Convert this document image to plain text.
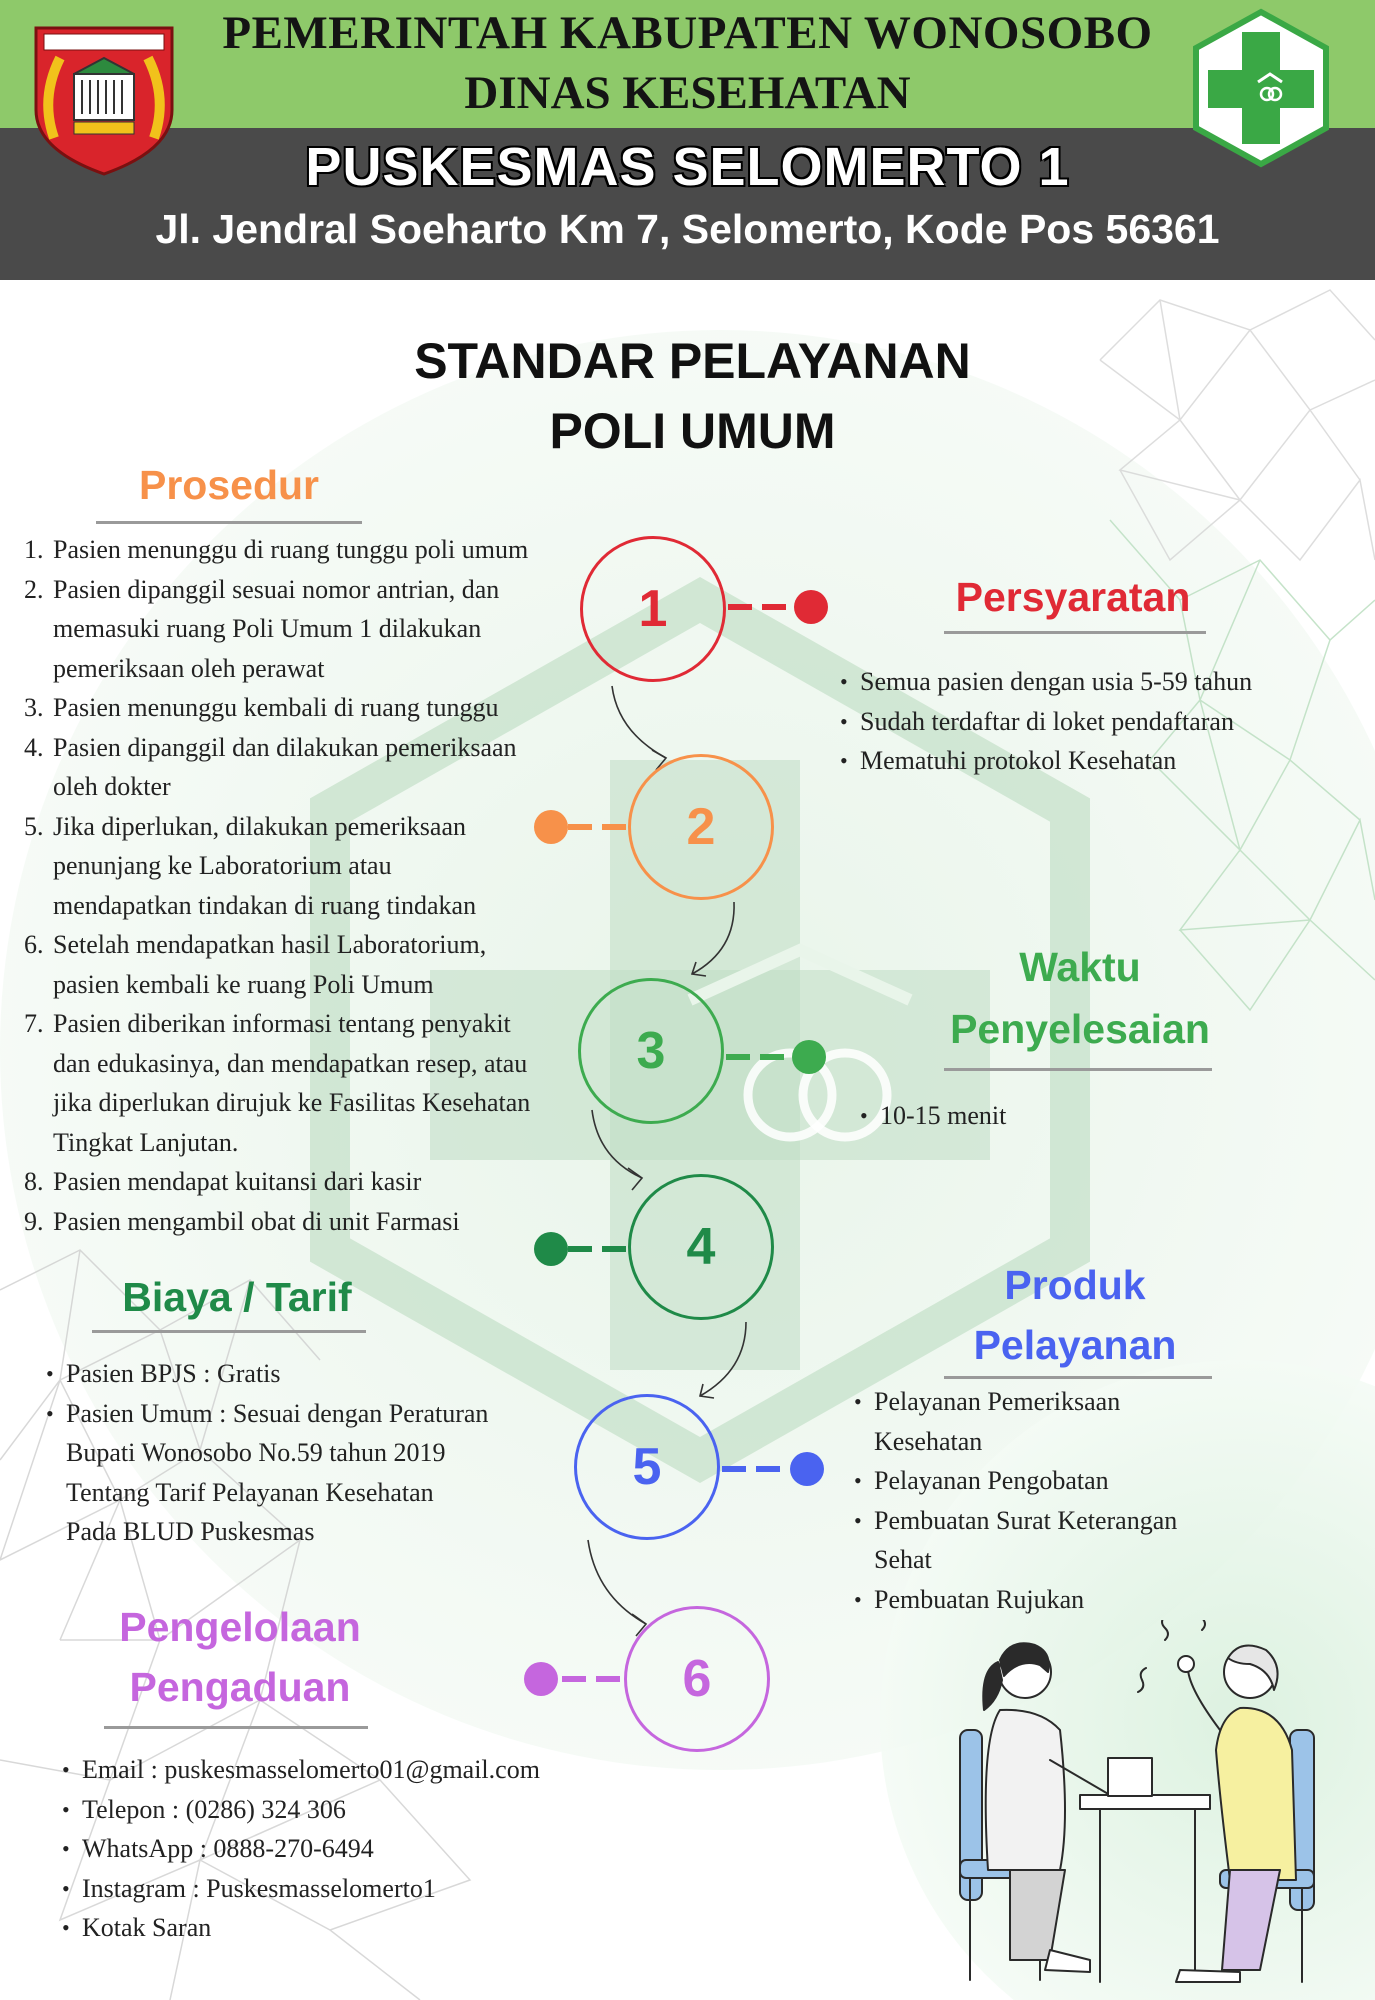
PEMERINTAH KABUPATEN WONOSOBO
DINAS KESEHATAN
PUSKESMAS SELOMERTO 1
Jl. Jendral Soeharto Km 7, Selomerto, Kode Pos 56361
STANDAR PELAYANAN
POLI UMUM
Prosedur
1. Pasien menunggu di ruang tunggu poli umum
2. Pasien dipanggil sesuai nomor antrian, dan
memasuki ruang Poli Umum 1 dilakukan
pemeriksaan oleh perawat
3. Pasien menunggu kembali di ruang tunggu
4. Pasien dipanggil dan dilakukan pemeriksaan
oleh dokter
5. Jika diperlukan, dilakukan pemeriksaan
penunjang ke Laboratorium atau
mendapatkan tindakan di ruang tindakan
6. Setelah mendapatkan hasil Laboratorium,
pasien kembali ke ruang Poli Umum
7. Pasien diberikan informasi tentang penyakit
dan edukasinya, dan mendapatkan resep, atau
jika diperlukan dirujuk ke Fasilitas Kesehatan
Tingkat Lanjutan.
8. Pasien mendapat kuitansi dari kasir
9. Pasien mengambil obat di unit Farmasi
1
2
3
4
5
6
Persyaratan
• Semua pasien dengan usia 5-59 tahun
• Sudah terdaftar di loket pendaftaran
• Mematuhi protokol Kesehatan
Waktu
Penyelesaian
• 10-15 menit
Biaya / Tarif
• Pasien BPJS : Gratis
• Pasien Umum : Sesuai dengan Peraturan
Bupati Wonosobo No.59 tahun 2019
Tentang Tarif Pelayanan Kesehatan
Pada BLUD Puskesmas
Produk
Pelayanan
• Pelayanan Pemeriksaan
Kesehatan
• Pelayanan Pengobatan
• Pembuatan Surat Keterangan
Sehat
• Pembuatan Rujukan
Pengelolaan
Pengaduan
• Email : puskesmasselomerto01@gmail.com
• Telepon : (0286) 324 306
• WhatsApp : 0888-270-6494
• Instagram : Puskesmasselomerto1
• Kotak Saran
